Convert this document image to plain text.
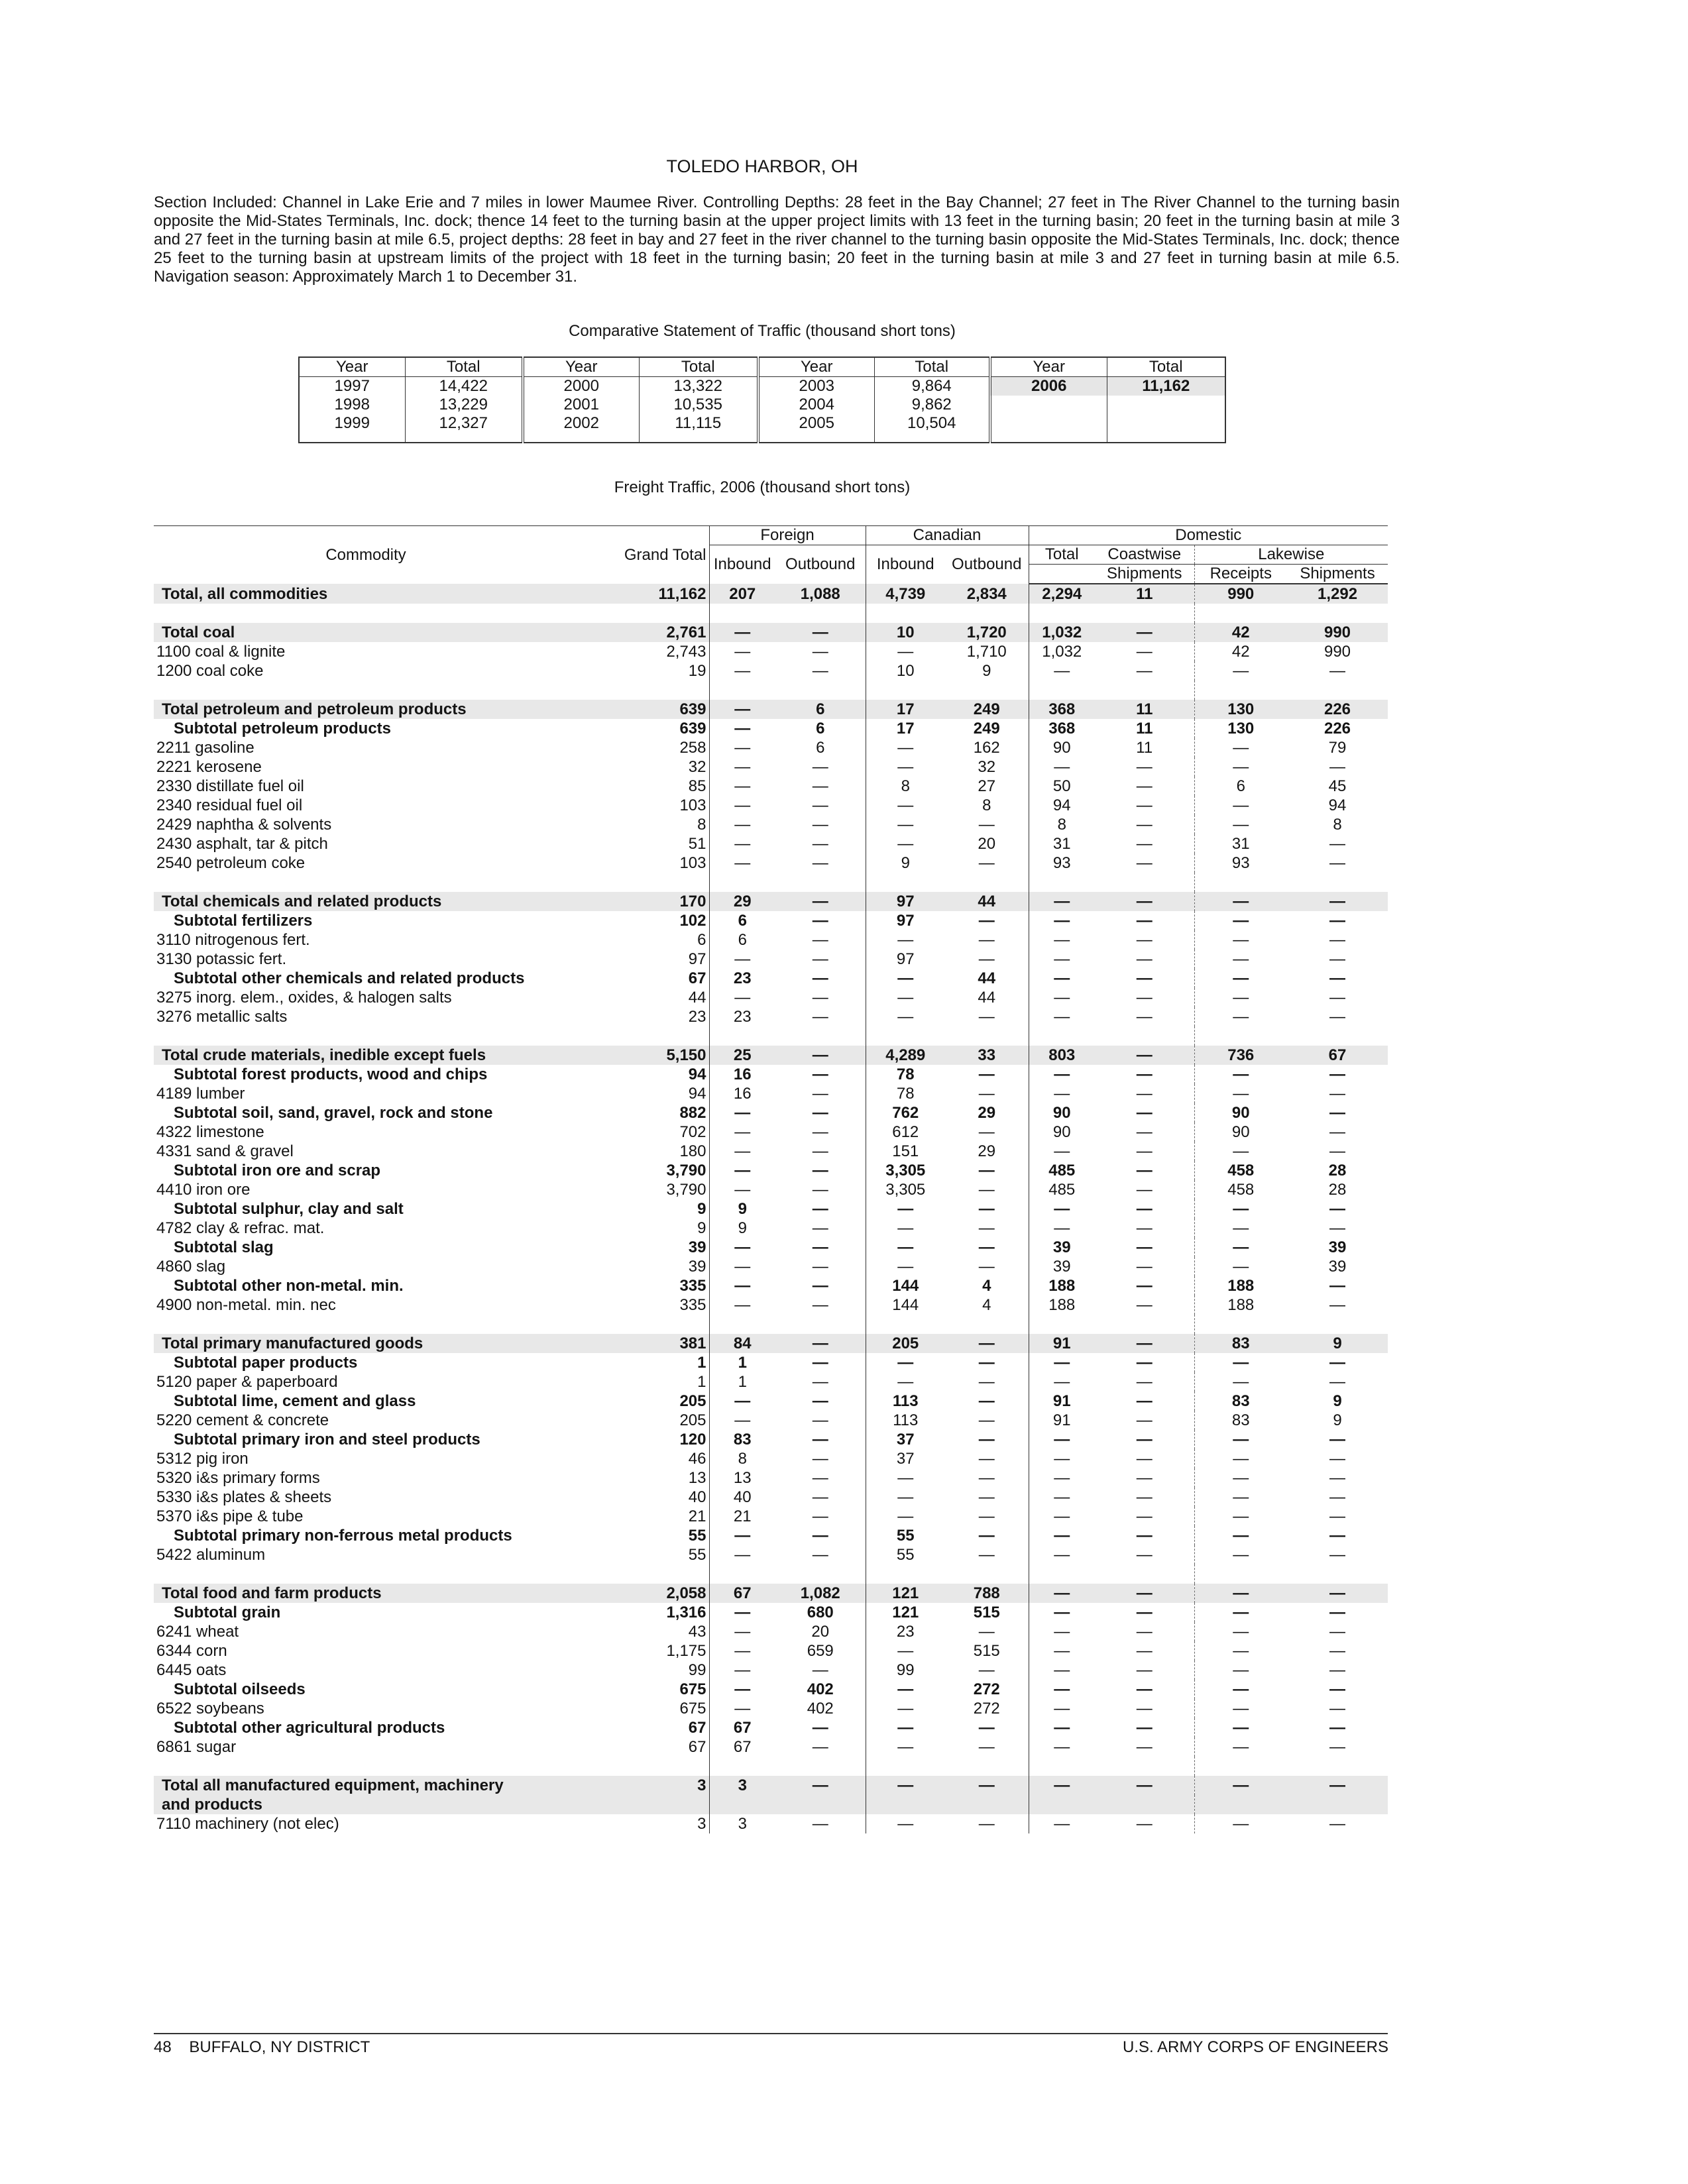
TOLEDO HARBOR, OH
Section Included: Channel in Lake Erie and 7 miles in lower Maumee River. Controlling Depths: 28 feet in the Bay Channel; 27 feet in The River Channel to the turning basin opposite the Mid-States Terminals, Inc. dock; thence 14 feet to the turning basin at the upper project limits with 13 feet in the turning basin; 20 feet in the turning basin at mile 3 and 27 feet in the turning basin at mile 6.5, project depths: 28 feet in bay and 27 feet in the river channel to the turning basin opposite the Mid-States Terminals, Inc. dock; thence 25 feet to the turning basin at upstream limits of the project with 18 feet in the turning basin; 20 feet in the turning basin at mile 3 and 27 feet in turning basin at mile 6.5. Navigation season: Approximately March 1 to December 31.
Comparative Statement of Traffic (thousand short tons)
Year	Total	Year	Total	Year	Total	Year	Total
1997	14,422	2000	13,322	2003	9,864	2006	11,162
1998	13,229	2001	10,535	2004	9,862		
1999	12,327	2002	11,115	2005	10,504		
Freight Traffic, 2006 (thousand short tons)
Commodity	Grand Total	Foreign		Canadian		Domestic			
		Inbound	Outbound	Inbound	Outbound	Total	Coastwise	Lakewise	
							Shipments	Receipts	Shipments
Total, all commodities	11,162	207	1,088	4,739	2,834	2,294	11	990	1,292

Total coal	2,761	—	—	10	1,720	1,032	—	42	990
1100 coal & lignite	2,743	—	—	—	1,710	1,032	—	42	990
1200 coal coke	19	—	—	10	9	—	—	—	—

Total petroleum and petroleum products	639	—	6	17	249	368	11	130	226
Subtotal petroleum products	639	—	6	17	249	368	11	130	226
2211 gasoline	258	—	6	—	162	90	11	—	79
2221 kerosene	32	—	—	—	32	—	—	—	—
2330 distillate fuel oil	85	—	—	8	27	50	—	6	45
2340 residual fuel oil	103	—	—	—	8	94	—	—	94
2429 naphtha & solvents	8	—	—	—	—	8	—	—	8
2430 asphalt, tar & pitch	51	—	—	—	20	31	—	31	—
2540 petroleum coke	103	—	—	9	—	93	—	93	—

Total chemicals and related products	170	29	—	97	44	—	—	—	—
Subtotal fertilizers	102	6	—	97	—	—	—	—	—
3110 nitrogenous fert.	6	6	—	—	—	—	—	—	—
3130 potassic fert.	97	—	—	97	—	—	—	—	—
Subtotal other chemicals and related products	67	23	—	—	44	—	—	—	—
3275 inorg. elem., oxides, & halogen salts	44	—	—	—	44	—	—	—	—
3276 metallic salts	23	23	—	—	—	—	—	—	—

Total crude materials, inedible except fuels	5,150	25	—	4,289	33	803	—	736	67
Subtotal forest products, wood and chips	94	16	—	78	—	—	—	—	—
4189 lumber	94	16	—	78	—	—	—	—	—
Subtotal soil, sand, gravel, rock and stone	882	—	—	762	29	90	—	90	—
4322 limestone	702	—	—	612	—	90	—	90	—
4331 sand & gravel	180	—	—	151	29	—	—	—	—
Subtotal iron ore and scrap	3,790	—	—	3,305	—	485	—	458	28
4410 iron ore	3,790	—	—	3,305	—	485	—	458	28
Subtotal sulphur, clay and salt	9	9	—	—	—	—	—	—	—
4782 clay & refrac. mat.	9	9	—	—	—	—	—	—	—
Subtotal slag	39	—	—	—	—	39	—	—	39
4860 slag	39	—	—	—	—	39	—	—	39
Subtotal other non-metal. min.	335	—	—	144	4	188	—	188	—
4900 non-metal. min. nec	335	—	—	144	4	188	—	188	—

Total primary manufactured goods	381	84	—	205	—	91	—	83	9
Subtotal paper products	1	1	—	—	—	—	—	—	—
5120 paper & paperboard	1	1	—	—	—	—	—	—	—
Subtotal lime, cement and glass	205	—	—	113	—	91	—	83	9
5220 cement & concrete	205	—	—	113	—	91	—	83	9
Subtotal primary iron and steel products	120	83	—	37	—	—	—	—	—
5312 pig iron	46	8	—	37	—	—	—	—	—
5320 i&s primary forms	13	13	—	—	—	—	—	—	—
5330 i&s plates & sheets	40	40	—	—	—	—	—	—	—
5370 i&s pipe & tube	21	21	—	—	—	—	—	—	—
Subtotal primary non-ferrous metal products	55	—	—	55	—	—	—	—	—
5422 aluminum	55	—	—	55	—	—	—	—	—

Total food and farm products	2,058	67	1,082	121	788	—	—	—	—
Subtotal grain	1,316	—	680	121	515	—	—	—	—
6241 wheat	43	—	20	23	—	—	—	—	—
6344 corn	1,175	—	659	—	515	—	—	—	—
6445 oats	99	—	—	99	—	—	—	—	—
Subtotal oilseeds	675	—	402	—	272	—	—	—	—
6522 soybeans	675	—	402	—	272	—	—	—	—
Subtotal other agricultural products	67	67	—	—	—	—	—	—	—
6861 sugar	67	67	—	—	—	—	—	—	—

Total all manufactured equipment, machinery	3	3	—	—	—	—	—	—	—
and products									
7110 machinery (not elec)	3	3	—	—	—	—	—	—	—
48    BUFFALO, NY DISTRICT	U.S. ARMY CORPS OF ENGINEERS
